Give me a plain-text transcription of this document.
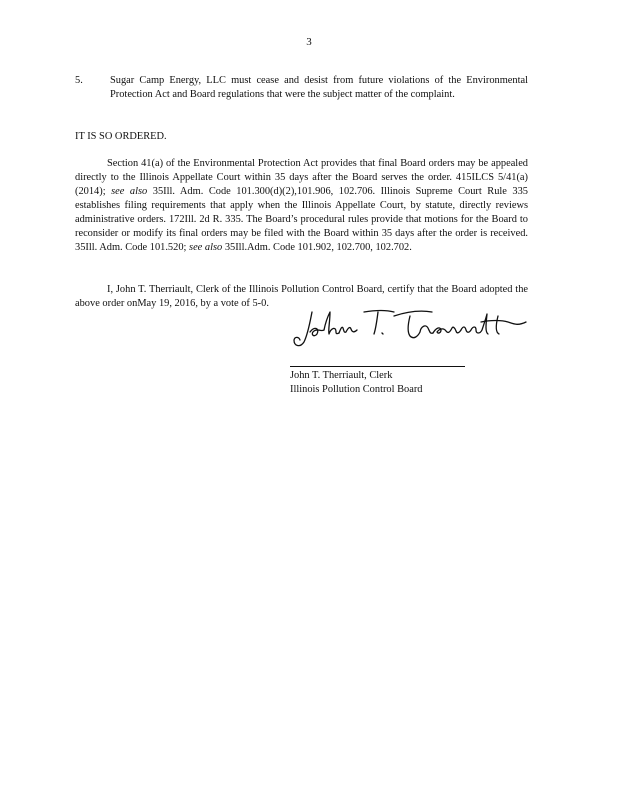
3
5.	Sugar Camp Energy, LLC must cease and desist from future violations of the Environmental Protection Act and Board regulations that were the subject matter of the complaint.
IT IS SO ORDERED.

Section 41(a) of the Environmental Protection Act provides that final Board orders may be appealed directly to the Illinois Appellate Court within 35 days after the Board serves the order. 415ILCS 5/41(a) (2014); see also 35Ill. Adm. Code 101.300(d)(2),101.906, 102.706. Illinois Supreme Court Rule 335 establishes filing requirements that apply when the Illinois Appellate Court, by statute, directly reviews administrative orders. 172Ill. 2d R. 335. The Board’s procedural rules provide that motions for the Board to reconsider or modify its final orders may be filed with the Board within 35 days after the order is received. 35Ill. Adm. Code 101.520; see also 35Ill.Adm. Code 101.902, 102.700, 102.702.

I, John T. Therriault, Clerk of the Illinois Pollution Control Board, certify that the Board adopted the above order onMay 19, 2016, by a vote of 5-0.

John T. Therriault, Clerk
Illinois Pollution Control Board
